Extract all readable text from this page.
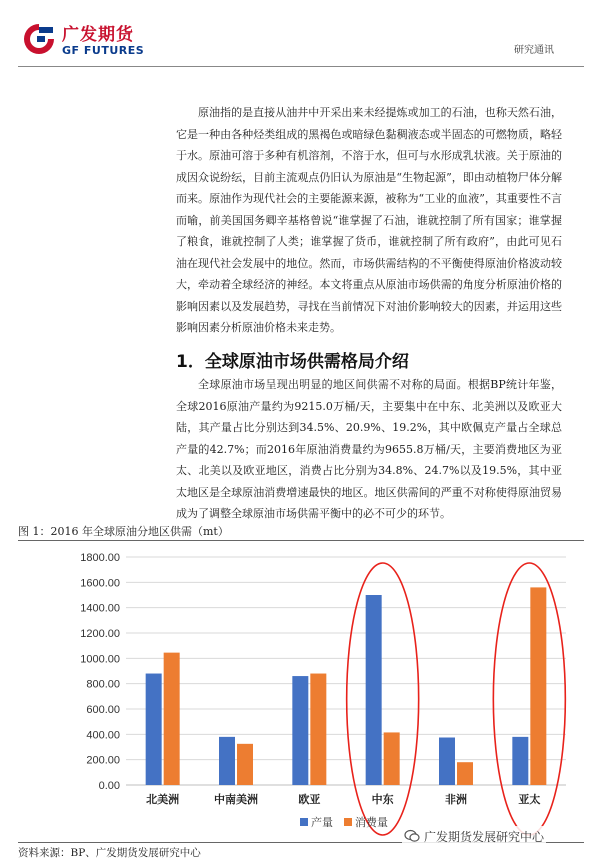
广发期货
GF FUTURES	研究通讯
原油指的是直接从油井中开采出来未经提炼或加工的石油，也称天然石油，它是一种由各种烃类组成的黑褐色或暗绿色黏稠液态或半固态的可燃物质，略轻于水。原油可溶于多种有机溶剂，不溶于水，但可与水形成乳状液。关于原油的成因众说纷纭，目前主流观点仍旧认为原油是“生物起源”，即由动植物尸体分解而来。原油作为现代社会的主要能源来源，被称为“工业的血液”，其重要性不言而喻，前美国国务卿辛基格曾说“谁掌握了石油，谁就控制了所有国家；谁掌握了粮食，谁就控制了人类；谁掌握了货币，谁就控制了所有政府”，由此可见石油在现代社会发展中的地位。然而，市场供需结构的不平衡使得原油价格波动较大，牵动着全球经济的神经。本文将重点从原油市场供需的角度分析原油价格的影响因素以及发展趋势，寻找在当前情况下对油价影响较大的因素，并运用这些影响因素分析原油价格未来走势。
1．全球原油市场供需格局介绍
全球原油市场呈现出明显的地区间供需不对称的局面。根据BP统计年鉴， 全球2016原油产量约为9215.0万桶/天，主要集中在中东、北美洲以及欧亚大陆，其产量占比分别达到34.5%、20.9%、19.2%，其中欧佩克产量占全球总产量的42.7%；而2016年原油消费量约为9655.8万桶/天，主要消费地区为亚太、北美以及欧亚地区，消费占比分别为34.8%、24.7%以及19.5%，其中亚太地区是全球原油消费增速最快的地区。地区供需间的严重不对称使得原油贸易成为了调整全球原油市场供需平衡中的必不可少的环节。
图 1：2016 年全球原油分地区供需（mt）
0.00
200.00
400.00
600.00
800.00
1000.00
1200.00
1400.00
1600.00
1800.00
北美洲	中南美洲	欧亚	中东	非洲	亚太
产量 消费量
资料来源：BP、广发期货发展研究中心
广发期货发展研究中心
